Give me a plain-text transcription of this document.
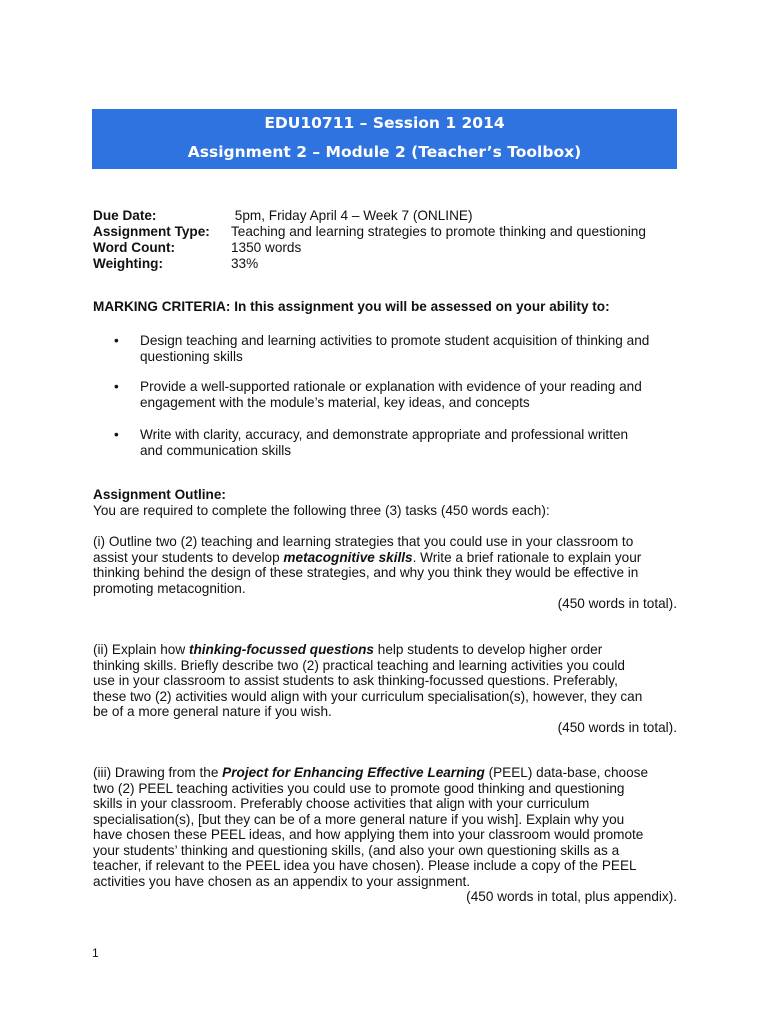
EDU10711 – Session 1 2014
Assignment 2 – Module 2 (Teacher’s Toolbox)
Due Date:	5pm, Friday April 4 – Week 7 (ONLINE)
Assignment Type: Teaching and learning strategies to promote thinking and questioning
Word Count:	1350 words
Weighting:	33%
MARKING CRITERIA: In this assignment you will be assessed on your ability to:
• Design teaching and learning activities to promote student acquisition of thinking and
questioning skills
• Provide a well-supported rationale or explanation with evidence of your reading and
engagement with the module’s material, key ideas, and concepts
• Write with clarity, accuracy, and demonstrate appropriate and professional written
and communication skills
Assignment Outline:
You are required to complete the following three (3) tasks (450 words each):
(i) Outline two (2) teaching and learning strategies that you could use in your classroom to
assist your students to develop metacognitive skills. Write a brief rationale to explain your
thinking behind the design of these strategies, and why you think they would be effective in
promoting metacognition.
(450 words in total).
(ii) Explain how thinking-focussed questions help students to develop higher order
thinking skills. Briefly describe two (2) practical teaching and learning activities you could
use in your classroom to assist students to ask thinking-focussed questions. Preferably,
these two (2) activities would align with your curriculum specialisation(s), however, they can
be of a more general nature if you wish.
(450 words in total).
(iii) Drawing from the Project for Enhancing Effective Learning (PEEL) data-base, choose
two (2) PEEL teaching activities you could use to promote good thinking and questioning
skills in your classroom. Preferably choose activities that align with your curriculum
specialisation(s), [but they can be of a more general nature if you wish]. Explain why you
have chosen these PEEL ideas, and how applying them into your classroom would promote
your students’ thinking and questioning skills, (and also your own questioning skills as a
teacher, if relevant to the PEEL idea you have chosen). Please include a copy of the PEEL
activities you have chosen as an appendix to your assignment.
(450 words in total, plus appendix).
1
